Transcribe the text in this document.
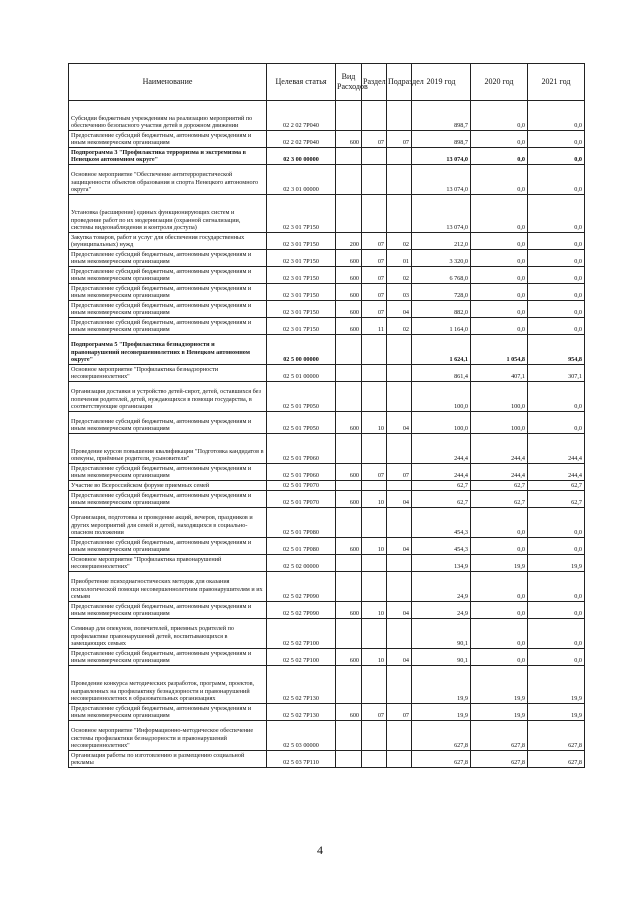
Наименование	Целевая статья	Вид Расходов	Раздел	Подраздел	2019 год	2020 год	2021 год
Субсидии бюджетным учреждениям на реализацию мероприятий по обеспечению безопасного участия детей в дорожном движении	02 2 02 7Р040				898,7	0,0	0,0
Предоставление субсидий бюджетным, автономным учреждениям и иным некоммерческим организациям	02 2 02 7Р040	600	07	07	898,7	0,0	0,0
Подпрограмма 3 "Профилактика терроризма и экстремизма в Ненецком автономном округе"	02 3 00 00000				13 074,0	0,0	0,0
Основное мероприятие "Обеспечение антитеррористической защищенности объектов образования и спорта Ненецкого автономного округа"	02 3 01 00000				13 074,0	0,0	0,0
Установка (расширение) единых функционирующих систем и проведение работ по их модернизации (охранной сигнализации, системы видеонаблюдения и контроля доступа)	02 3 01 7Р150				13 074,0	0,0	0,0
Закупка товаров, работ и услуг для обеспечения государственных (муниципальных) нужд	02 3 01 7Р150	200	07	02	212,0	0,0	0,0
Предоставление субсидий бюджетным, автономным учреждениям и иным некоммерческим организациям	02 3 01 7Р150	600	07	01	3 320,0	0,0	0,0
Предоставление субсидий бюджетным, автономным учреждениям и иным некоммерческим организациям	02 3 01 7Р150	600	07	02	6 768,0	0,0	0,0
Предоставление субсидий бюджетным, автономным учреждениям и иным некоммерческим организациям	02 3 01 7Р150	600	07	03	728,0	0,0	0,0
Предоставление субсидий бюджетным, автономным учреждениям и иным некоммерческим организациям	02 3 01 7Р150	600	07	04	882,0	0,0	0,0
Предоставление субсидий бюджетным, автономным учреждениям и иным некоммерческим организациям	02 3 01 7Р150	600	11	02	1 164,0	0,0	0,0
Подпрограмма 5 "Профилактика безнадзорности и правонарушений несовершеннолетних в Ненецком автономном округе"	02 5 00 00000				1 624,1	1 054,8	954,8
Основное мероприятие "Профилактика безнадзорности несовершеннолетних"	02 5 01 00000				861,4	407,1	307,1
Организация доставки и устройство детей-сирот, детей, оставшихся без попечения родителей, детей, нуждающихся в помощи государства, в соответствующие организации	02 5 01 7Р050				100,0	100,0	0,0
Предоставление субсидий бюджетным, автономным учреждениям и иным некоммерческим организациям	02 5 01 7Р050	600	10	04	100,0	100,0	0,0
Проведение курсов повышения квалификации "Подготовка кандидатов в опекуны, приёмные родители, усыновители"	02 5 01 7Р060				244,4	244,4	244,4
Предоставление субсидий бюджетным, автономным учреждениям и иным некоммерческим организациям	02 5 01 7Р060	600	07	07	244,4	244,4	244,4
Участие во Всероссийском форуме приемных семей	02 5 01 7Р070				62,7	62,7	62,7
Предоставление субсидий бюджетным, автономным учреждениям и иным некоммерческим организациям	02 5 01 7Р070	600	10	04	62,7	62,7	62,7
Организация, подготовка и проведение акций, вечеров, праздников и других мероприятий для семей и детей, находящихся в социально-опасном положении	02 5 01 7Р080				454,3	0,0	0,0
Предоставление субсидий бюджетным, автономным учреждениям и иным некоммерческим организациям	02 5 01 7Р080	600	10	04	454,3	0,0	0,0
Основное мероприятие "Профилактика правонарушений несовершеннолетних"	02 5 02 00000				134,9	19,9	19,9
Приобретение психодиагностических методик для оказания психологической помощи несовершеннолетним правонарушителям и их семьям	02 5 02 7Р090				24,9	0,0	0,0
Предоставление субсидий бюджетным, автономным учреждениям и иным некоммерческим организациям	02 5 02 7Р090	600	10	04	24,9	0,0	0,0
Семинар для опекунов, попечителей, приемных родителей по профилактике правонарушений детей, воспитывающихся в замещающих семьях	02 5 02 7Р100				90,1	0,0	0,0
Предоставление субсидий бюджетным, автономным учреждениям и иным некоммерческим организациям	02 5 02 7Р100	600	10	04	90,1	0,0	0,0
Проведение конкурса методических разработок, программ, проектов, направленных на профилактику безнадзорности и правонарушений несовершеннолетних в образовательных организациях	02 5 02 7Р130				19,9	19,9	19,9
Предоставление субсидий бюджетным, автономным учреждениям и иным некоммерческим организациям	02 5 02 7Р130	600	07	07	19,9	19,9	19,9
Основное мероприятие "Информационно-методическое обеспечение системы профилактики безнадзорности и правонарушений несовершеннолетних"	02 5 03 00000				627,8	627,8	627,8
Организация работы по изготовлению и размещению социальной рекламы	02 5 03 7Р110				627,8	627,8	627,8
4
